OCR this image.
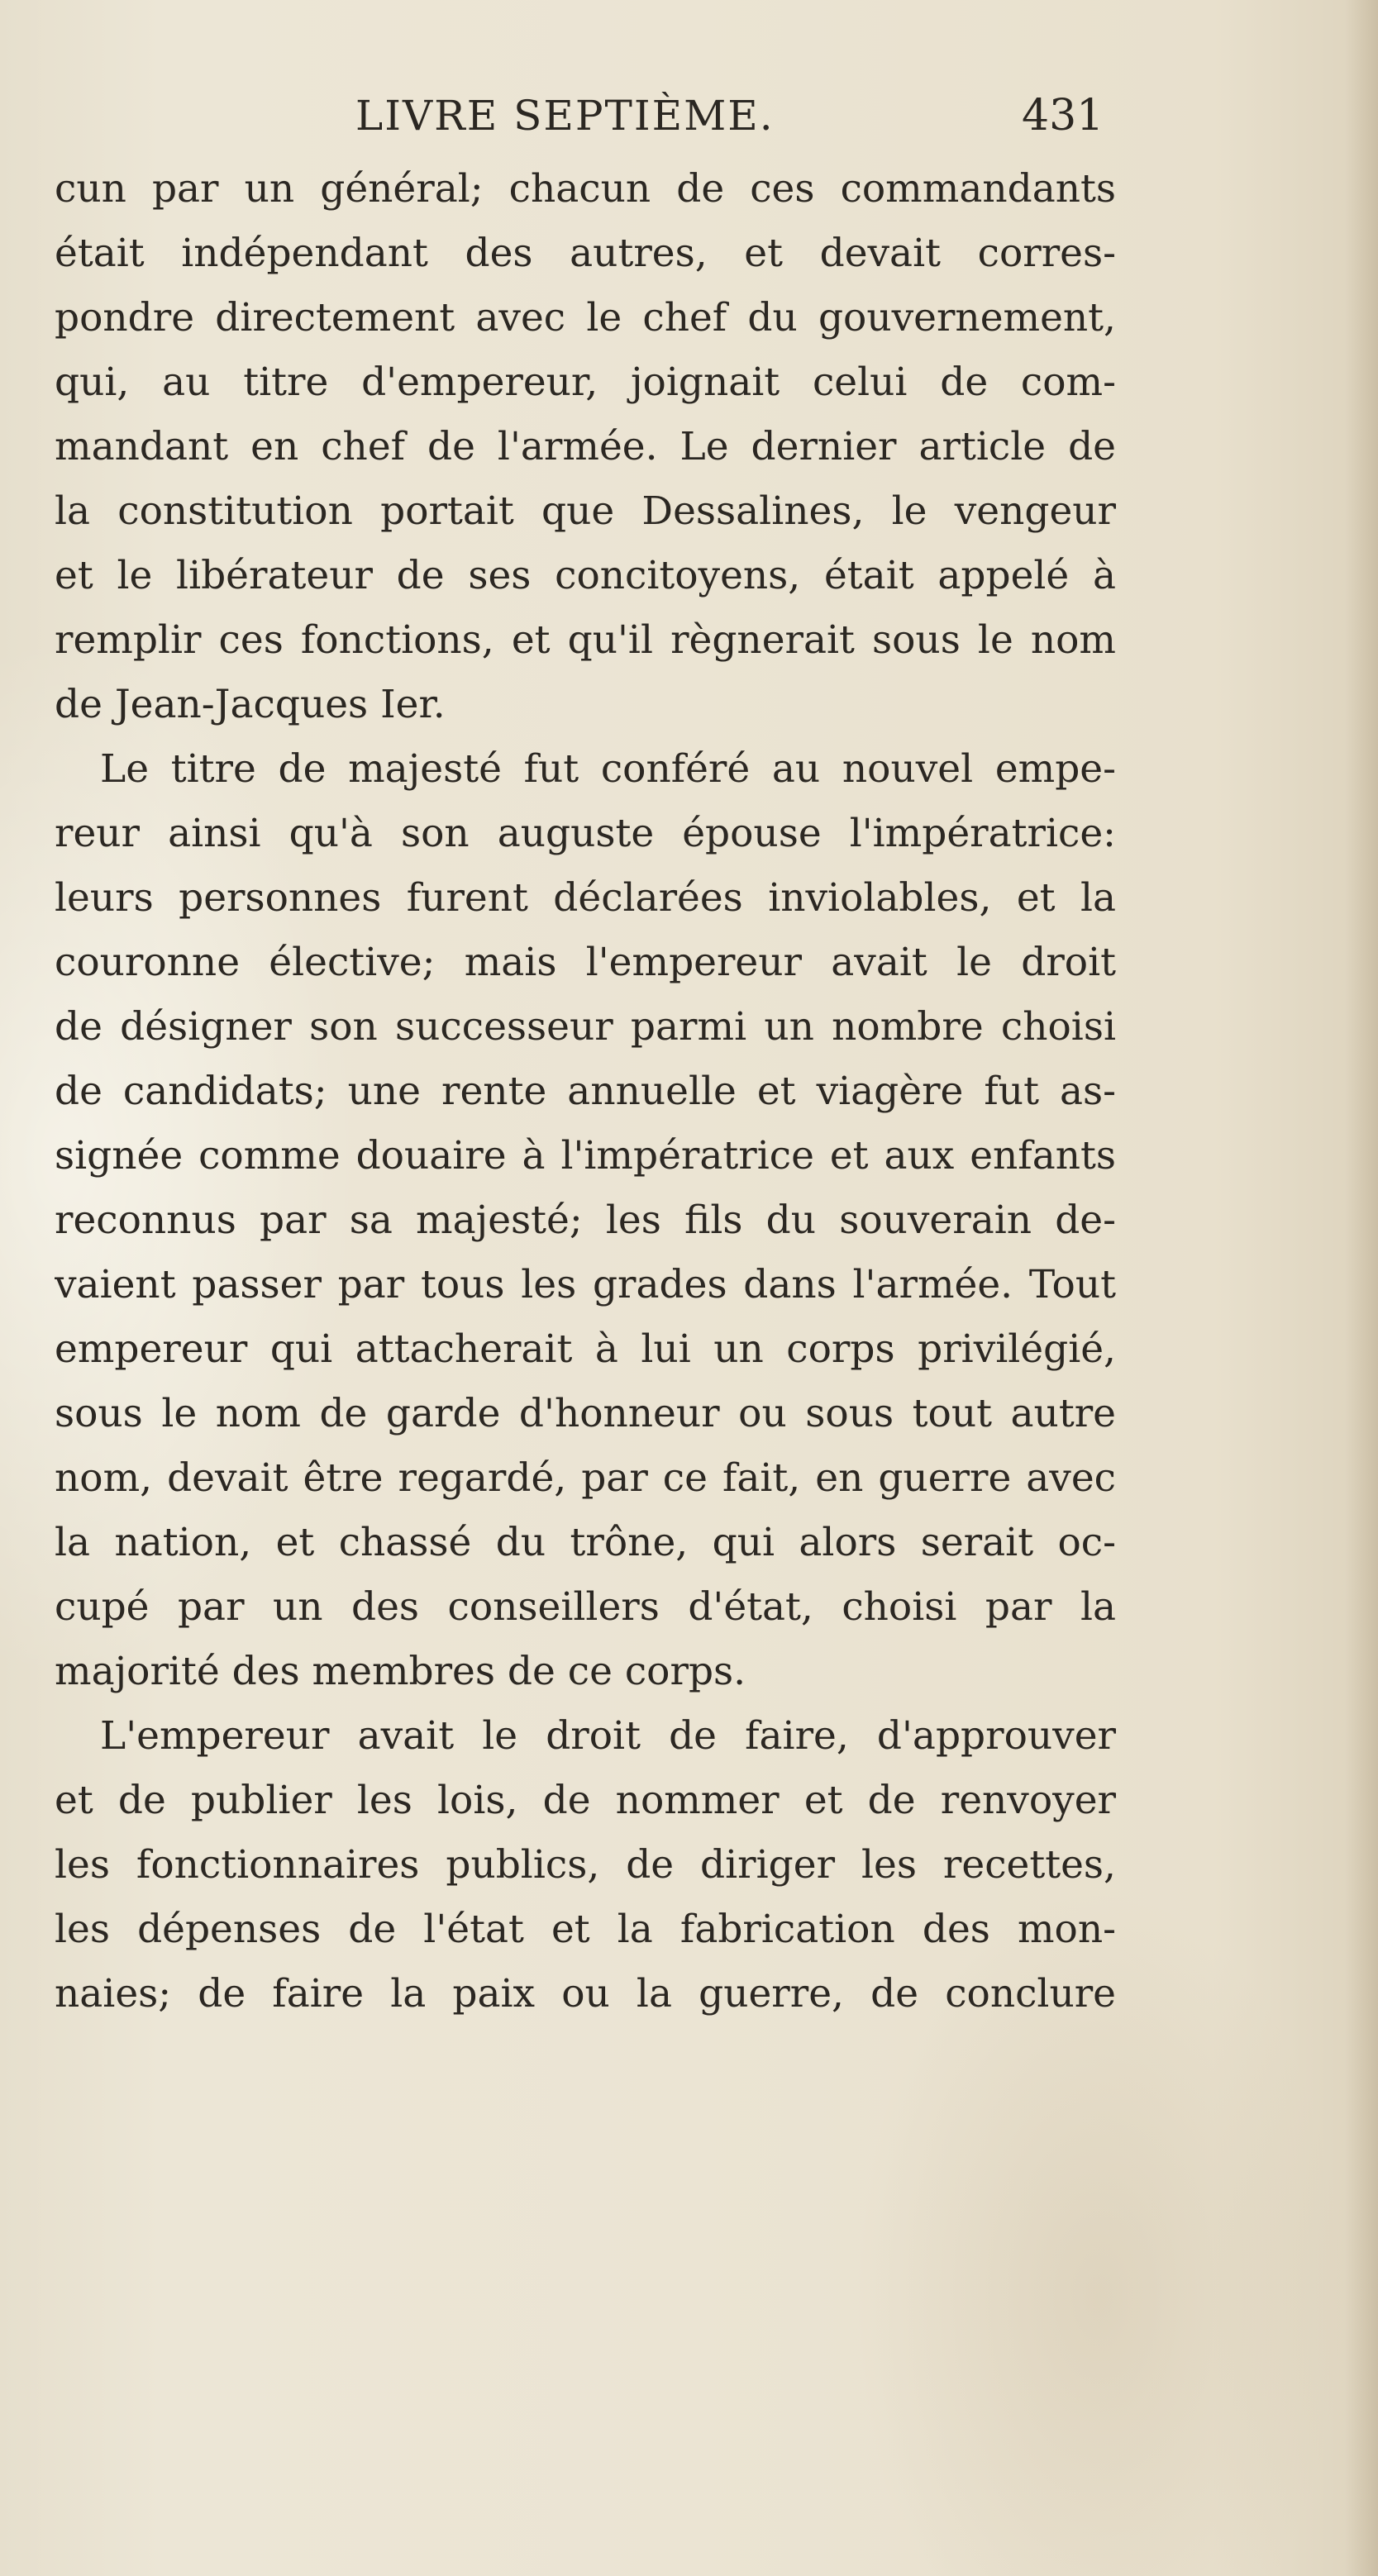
LIVRE SEPTIÈME.	431
cun par un général; chacun de ces commandants
était indépendant des autres, et devait corres-
pondre directement avec le chef du gouvernement,
qui, au titre d'empereur, joignait celui de com-
mandant en chef de l'armée. Le dernier article de
la constitution portait que Dessalines, le vengeur
et le libérateur de ses concitoyens, était appelé à
remplir ces fonctions, et qu'il règnerait sous le nom
de Jean-Jacques Ier.
Le titre de majesté fut conféré au nouvel empe-
reur ainsi qu'à son auguste épouse l'impératrice:
leurs personnes furent déclarées inviolables, et la
couronne élective; mais l'empereur avait le droit
de désigner son successeur parmi un nombre choisi
de candidats; une rente annuelle et viagère fut as-
signée comme douaire à l'impératrice et aux enfants
reconnus par sa majesté; les fils du souverain de-
vaient passer par tous les grades dans l'armée. Tout
empereur qui attacherait à lui un corps privilégié,
sous le nom de garde d'honneur ou sous tout autre
nom, devait être regardé, par ce fait, en guerre avec
la nation, et chassé du trône, qui alors serait oc-
cupé par un des conseillers d'état, choisi par la
majorité des membres de ce corps.
L'empereur avait le droit de faire, d'approuver
et de publier les lois, de nommer et de renvoyer
les fonctionnaires publics, de diriger les recettes,
les dépenses de l'état et la fabrication des mon-
naies; de faire la paix ou la guerre, de conclure
